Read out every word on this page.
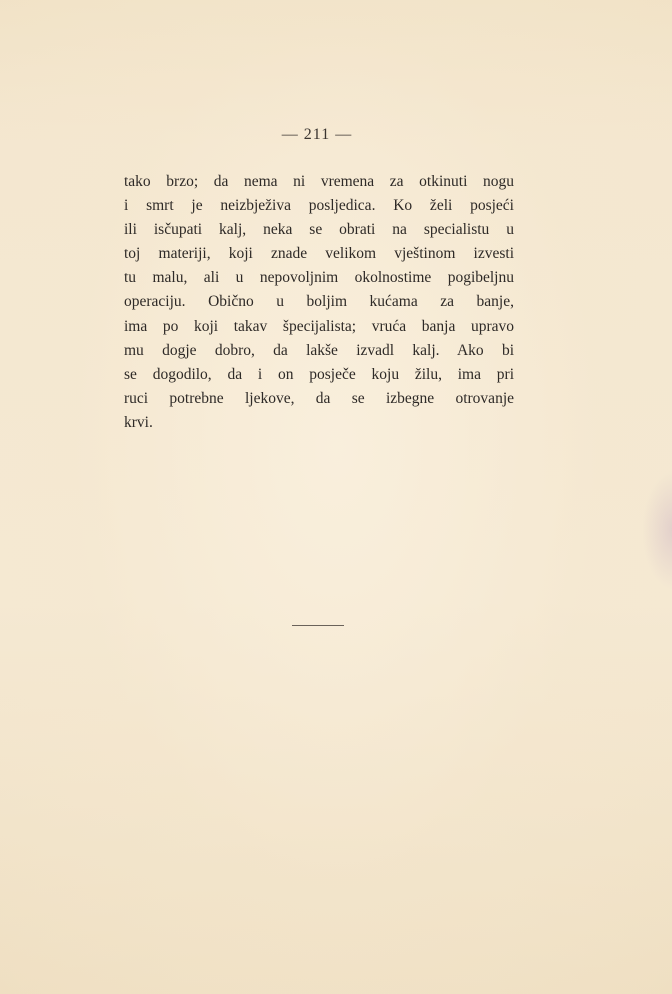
— 211 —
tako brzo; da nema ni vremena za otkinuti nogu
i smrt je neizbježiva posljedica. Ko želi posjeći
ili isčupati kalj, neka se obrati na specialistu u
toj materiji, koji znade velikom vještinom izvesti
tu malu, ali u nepovoljnim okolnostime pogibeljnu
operaciju. Obično u boljim kućama za banje,
ima po koji takav špecijalista; vruća banja upravo
mu dogje dobro, da lakše izvadl kalj. Ako bi
se dogodilo, da i on posječe koju žilu, ima pri
ruci potrebne ljekove, da se izbegne otrovanje
krvi.
